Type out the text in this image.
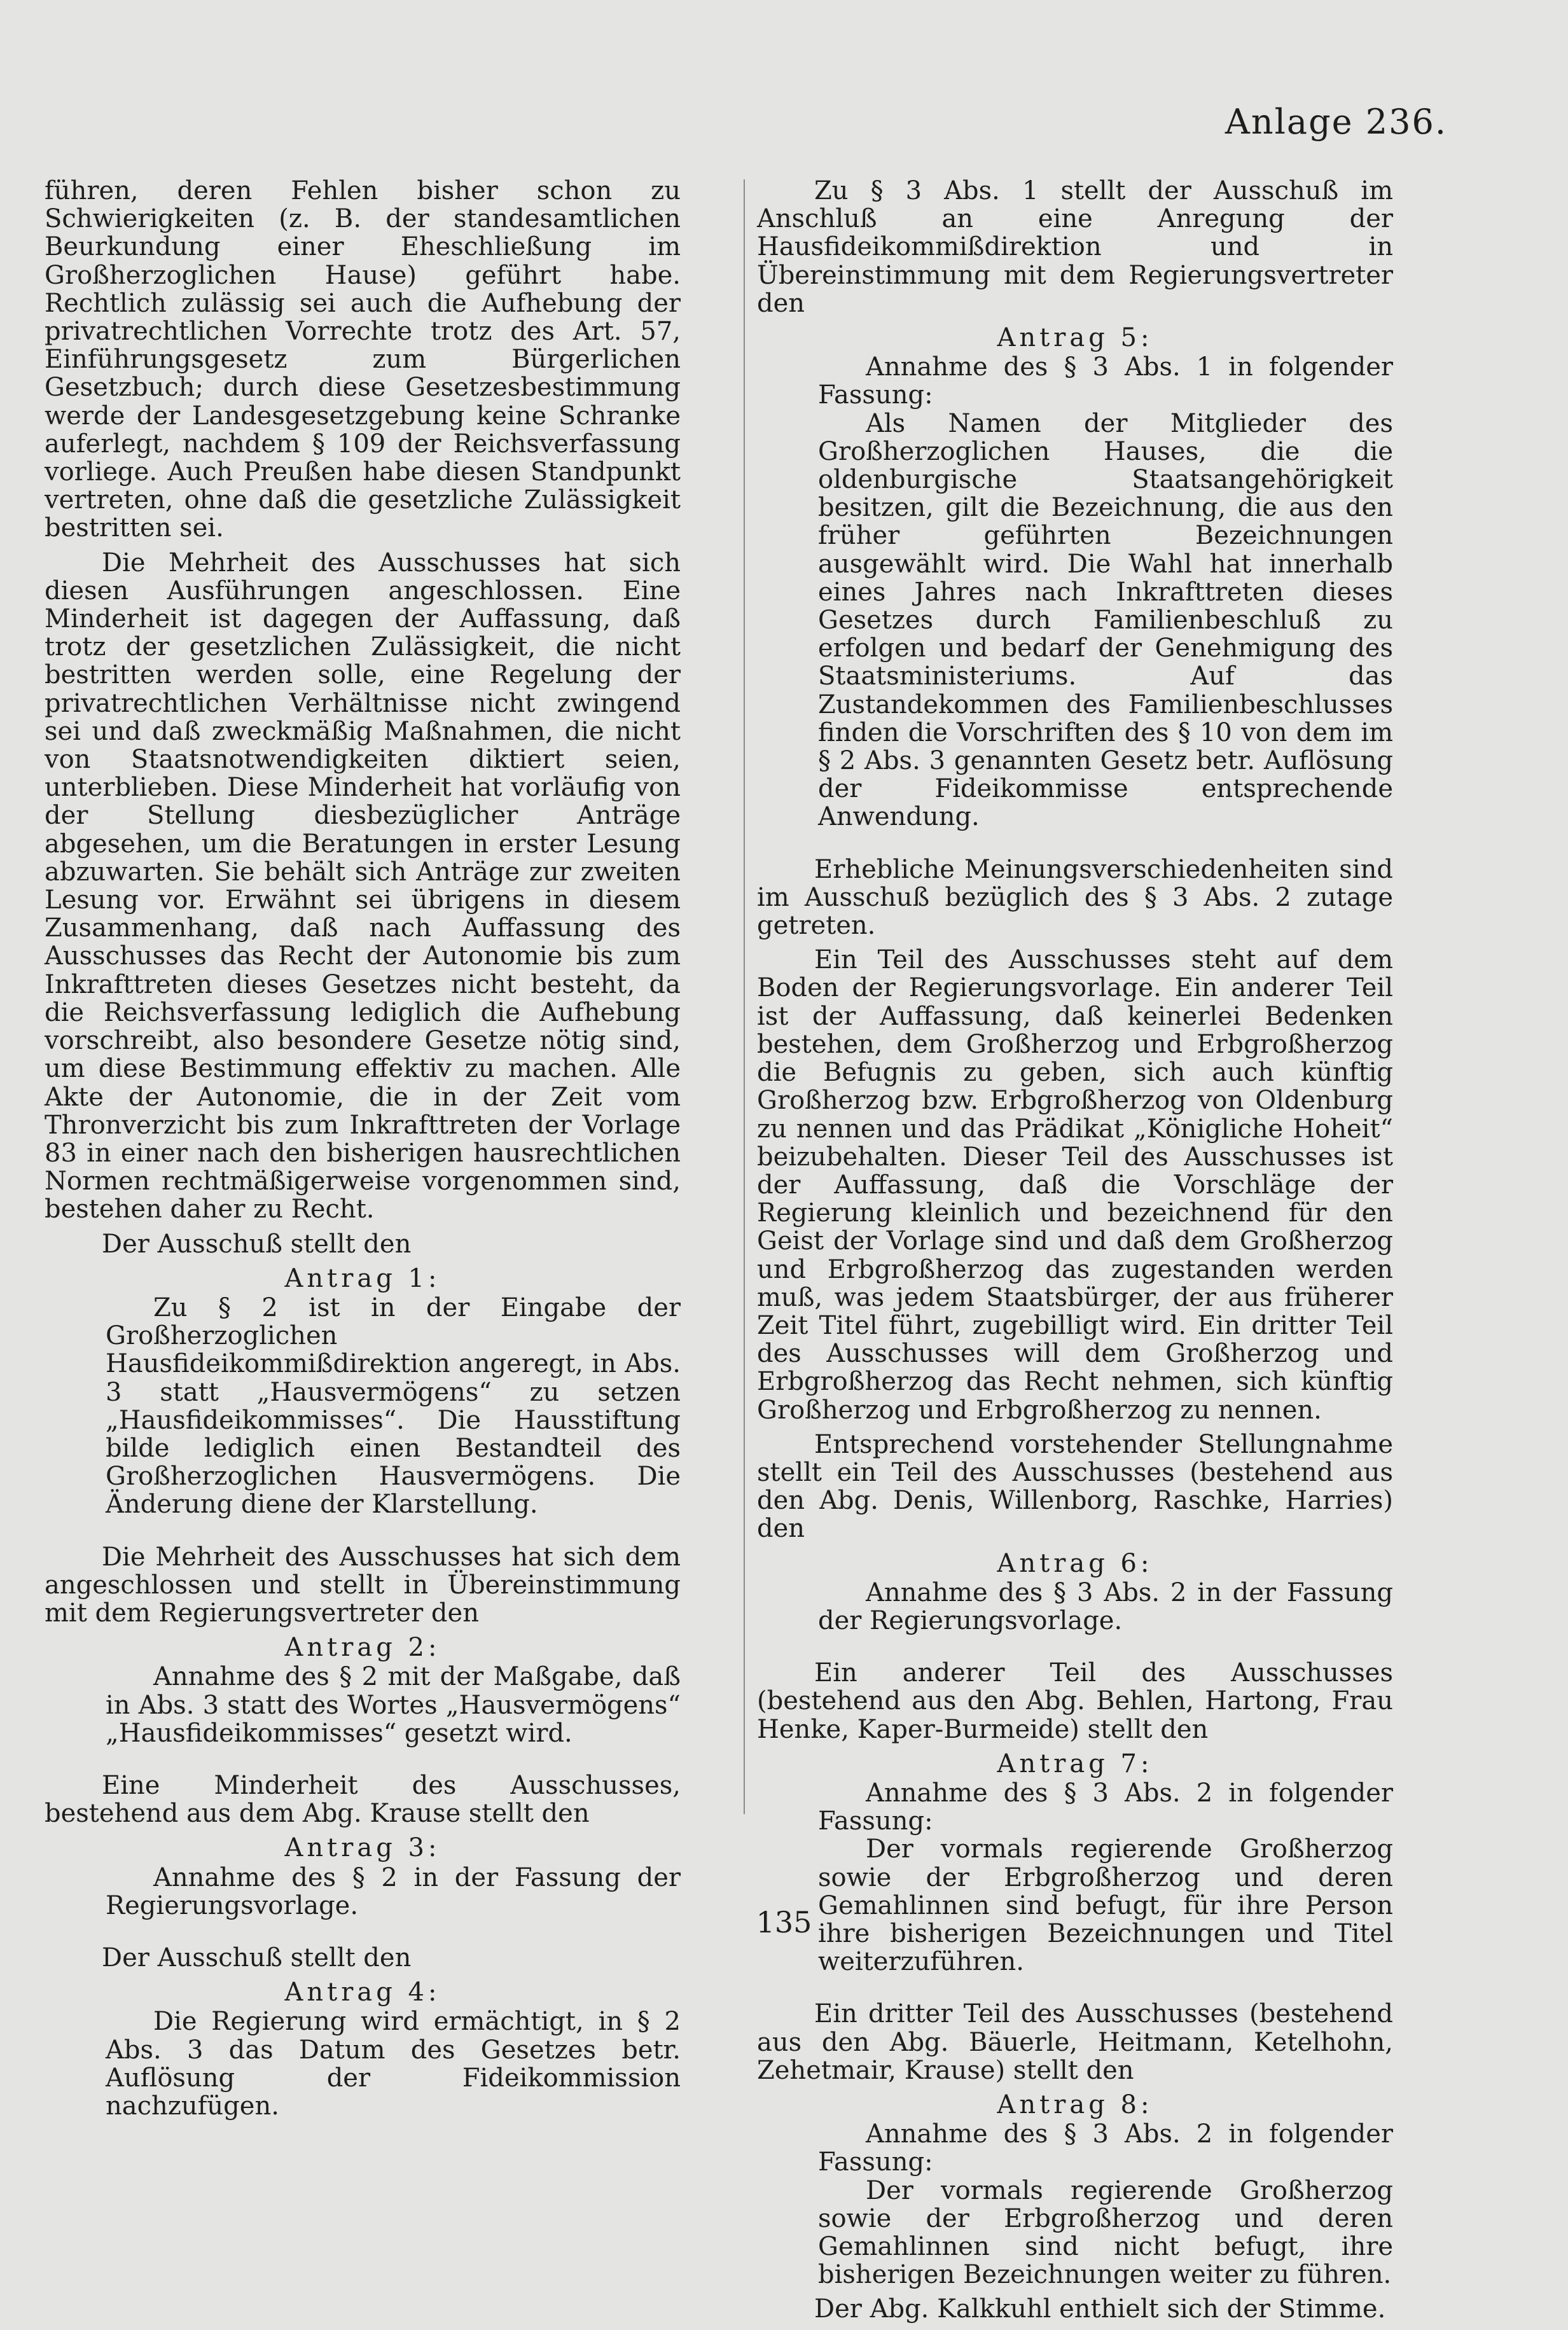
Anlage 236.

führen, deren Fehlen bisher schon zu Schwierigkeiten (z. B. der standesamtlichen Beurkundung einer Eheschließung im Großherzoglichen Hause) geführt habe. Rechtlich zulässig sei auch die Aufhebung der privatrechtlichen Vorrechte trotz des Art. 57, Einführungsgesetz zum Bürgerlichen Gesetzbuch; durch diese Gesetzesbestimmung werde der Landesgesetzgebung keine Schranke auferlegt, nachdem § 109 der Reichsverfassung vorliege. Auch Preußen habe diesen Standpunkt vertreten, ohne daß die gesetzliche Zulässigkeit bestritten sei.

Die Mehrheit des Ausschusses hat sich diesen Ausführungen angeschlossen. Eine Minderheit ist dagegen der Auffassung, daß trotz der gesetzlichen Zulässigkeit, die nicht bestritten werden solle, eine Regelung der privatrechtlichen Verhältnisse nicht zwingend sei und daß zweckmäßig Maßnahmen, die nicht von Staatsnotwendigkeiten diktiert seien, unterblieben. Diese Minderheit hat vorläufig von der Stellung diesbezüglicher Anträge abgesehen, um die Beratungen in erster Lesung abzuwarten. Sie behält sich Anträge zur zweiten Lesung vor. Erwähnt sei übrigens in diesem Zusammenhang, daß nach Auffassung des Ausschusses das Recht der Autonomie bis zum Inkrafttreten dieses Gesetzes nicht besteht, da die Reichsverfassung lediglich die Aufhebung vorschreibt, also besondere Gesetze nötig sind, um diese Bestimmung effektiv zu machen. Alle Akte der Autonomie, die in der Zeit vom Thronverzicht bis zum Inkrafttreten der Vorlage 83 in einer nach den bisherigen hausrechtlichen Normen rechtmäßigerweise vorgenommen sind, bestehen daher zu Recht.

Der Ausschuß stellt den

Antrag 1:

Zu § 2 ist in der Eingabe der Großherzoglichen Hausfideikommißdirektion angeregt, in Abs. 3 statt „Hausvermögens“ zu setzen „Hausfideikommisses“. Die Hausstiftung bilde lediglich einen Bestandteil des Großherzoglichen Hausvermögens. Die Änderung diene der Klarstellung.

Die Mehrheit des Ausschusses hat sich dem angeschlossen und stellt in Übereinstimmung mit dem Regierungsvertreter den

Antrag 2:

Annahme des § 2 mit der Maßgabe, daß in Abs. 3 statt des Wortes „Hausvermögens“ „Hausfideikommisses“ gesetzt wird.

Eine Minderheit des Ausschusses, bestehend aus dem Abg. Krause stellt den

Antrag 3:

Annahme des § 2 in der Fassung der Regierungsvorlage.

Der Ausschuß stellt den

Antrag 4:

Die Regierung wird ermächtigt, in § 2 Abs. 3 das Datum des Gesetzes betr. Auflösung der Fideikommission nachzufügen.

Zu § 3 Abs. 1 stellt der Ausschuß im Anschluß an eine Anregung der Hausfideikommißdirektion und in Übereinstimmung mit dem Regierungsvertreter den

Antrag 5:

Annahme des § 3 Abs. 1 in folgender Fassung:
Als Namen der Mitglieder des Großherzoglichen Hauses, die die oldenburgische Staatsangehörigkeit besitzen, gilt die Bezeichnung, die aus den früher geführten Bezeichnungen ausgewählt wird. Die Wahl hat innerhalb eines Jahres nach Inkrafttreten dieses Gesetzes durch Familienbeschluß zu erfolgen und bedarf der Genehmigung des Staatsministeriums. Auf das Zustandekommen des Familienbeschlusses finden die Vorschriften des § 10 von dem im § 2 Abs. 3 genannten Gesetz betr. Auflösung der Fideikommisse entsprechende Anwendung.

Erhebliche Meinungsverschiedenheiten sind im Ausschuß bezüglich des § 3 Abs. 2 zutage getreten.

Ein Teil des Ausschusses steht auf dem Boden der Regierungsvorlage. Ein anderer Teil ist der Auffassung, daß keinerlei Bedenken bestehen, dem Großherzog und Erbgroßherzog die Befugnis zu geben, sich auch künftig Großherzog bzw. Erbgroßherzog von Oldenburg zu nennen und das Prädikat „Königliche Hoheit“ beizubehalten. Dieser Teil des Ausschusses ist der Auffassung, daß die Vorschläge der Regierung kleinlich und bezeichnend für den Geist der Vorlage sind und daß dem Großherzog und Erbgroßherzog das zugestanden werden muß, was jedem Staatsbürger, der aus früherer Zeit Titel führt, zugebilligt wird. Ein dritter Teil des Ausschusses will dem Großherzog und Erbgroßherzog das Recht nehmen, sich künftig Großherzog und Erbgroßherzog zu nennen.

Entsprechend vorstehender Stellungnahme stellt ein Teil des Ausschusses (bestehend aus den Abg. Denis, Willenborg, Raschke, Harries) den

Antrag 6:

Annahme des § 3 Abs. 2 in der Fassung der Regierungsvorlage.

Ein anderer Teil des Ausschusses (bestehend aus den Abg. Behlen, Hartong, Frau Henke, Kaper-Burmeide) stellt den

Antrag 7:

Annahme des § 3 Abs. 2 in folgender Fassung:
Der vormals regierende Großherzog sowie der Erbgroßherzog und deren Gemahlinnen sind befugt, für ihre Person ihre bisherigen Bezeichnungen und Titel weiterzuführen.

Ein dritter Teil des Ausschusses (bestehend aus den Abg. Bäuerle, Heitmann, Ketelhohn, Zehetmair, Krause) stellt den

Antrag 8:

Annahme des § 3 Abs. 2 in folgender Fassung:
Der vormals regierende Großherzog sowie der Erbgroßherzog und deren Gemahlinnen sind nicht befugt, ihre bisherigen Bezeichnungen weiter zu führen.

Der Abg. Kalkkuhl enthielt sich der Stimme.

135
